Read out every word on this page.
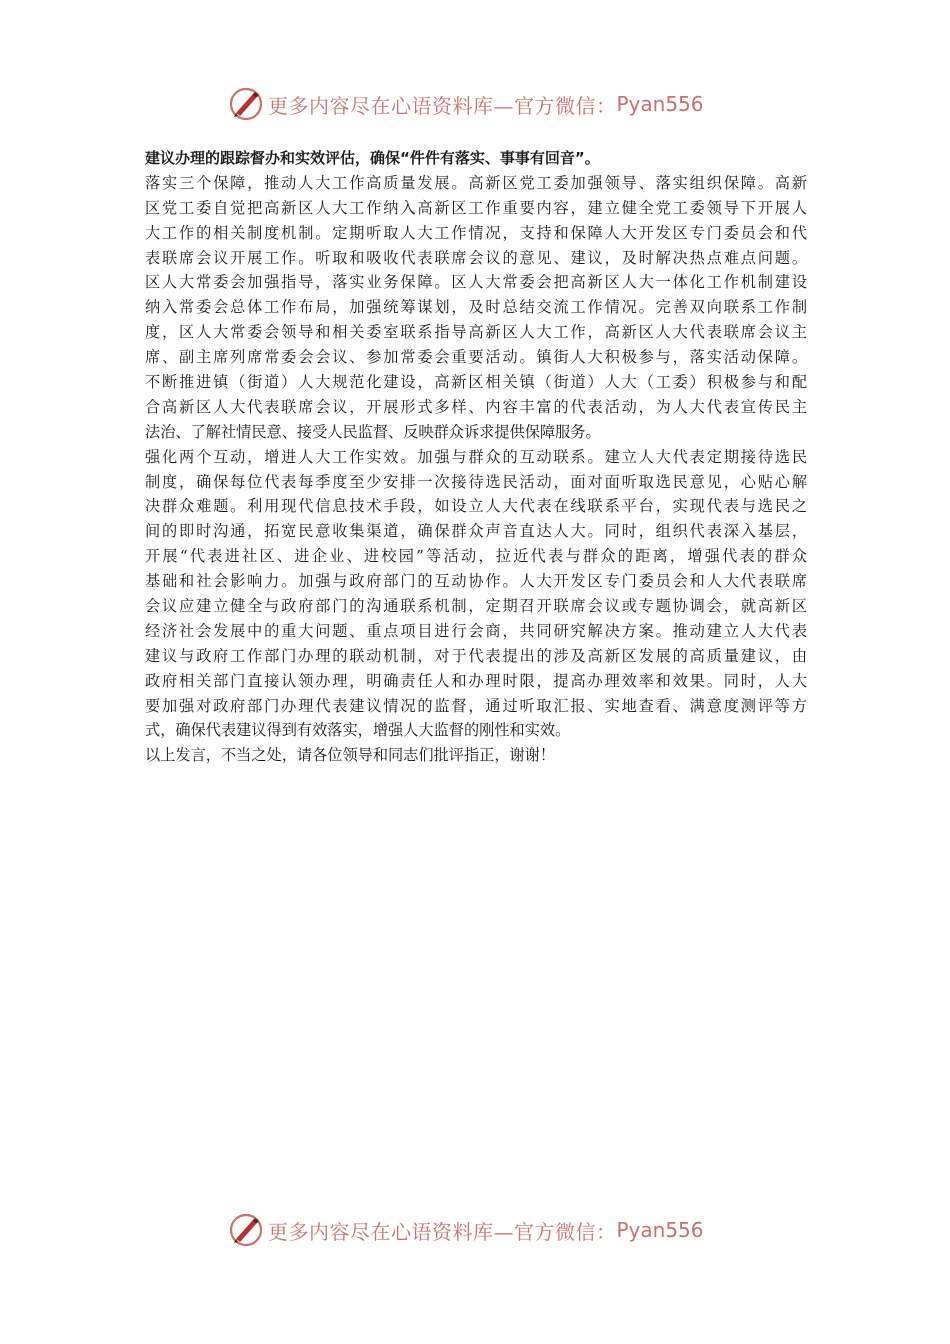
更多内容尽在心语资料库—官方微信： Pyan556
建议办理的跟踪督办和实效评估，确保“件件有落实、事事有回音”。
落实三个保障，推动人大工作高质量发展。高新区党工委加强领导、落实组织保障。高新
区党工委自觉把高新区人大工作纳入高新区工作重要内容，建立健全党工委领导下开展人
大工作的相关制度机制。定期听取人大工作情况，支持和保障人大开发区专门委员会和代
表联席会议开展工作。听取和吸收代表联席会议的意见、建议，及时解决热点难点问题。
区人大常委会加强指导，落实业务保障。区人大常委会把高新区人大一体化工作机制建设
纳入常委会总体工作布局，加强统筹谋划，及时总结交流工作情况。完善双向联系工作制
度，区人大常委会领导和相关委室联系指导高新区人大工作，高新区人大代表联席会议主
席、副主席列席常委会会议、参加常委会重要活动。镇街人大积极参与，落实活动保障。
不断推进镇（街道）人大规范化建设，高新区相关镇（街道）人大（工委）积极参与和配
合高新区人大代表联席会议，开展形式多样、内容丰富的代表活动，为人大代表宣传民主
法治、了解社情民意、接受人民监督、反映群众诉求提供保障服务。
强化两个互动，增进人大工作实效。加强与群众的互动联系。建立人大代表定期接待选民
制度，确保每位代表每季度至少安排一次接待选民活动，面对面听取选民意见，心贴心解
决群众难题。利用现代信息技术手段，如设立人大代表在线联系平台，实现代表与选民之
间的即时沟通，拓宽民意收集渠道，确保群众声音直达人大。同时，组织代表深入基层，
开展“代表进社区、进企业、进校园”等活动，拉近代表与群众的距离，增强代表的群众
基础和社会影响力。加强与政府部门的互动协作。人大开发区专门委员会和人大代表联席
会议应建立健全与政府部门的沟通联系机制，定期召开联席会议或专题协调会，就高新区
经济社会发展中的重大问题、重点项目进行会商，共同研究解决方案。推动建立人大代表
建议与政府工作部门办理的联动机制，对于代表提出的涉及高新区发展的高质量建议，由
政府相关部门直接认领办理，明确责任人和办理时限，提高办理效率和效果。同时，人大
要加强对政府部门办理代表建议情况的监督，通过听取汇报、实地查看、满意度测评等方
式，确保代表建议得到有效落实，增强人大监督的刚性和实效。
以上发言，不当之处，请各位领导和同志们批评指正，谢谢！
更多内容尽在心语资料库—官方微信： Pyan556
